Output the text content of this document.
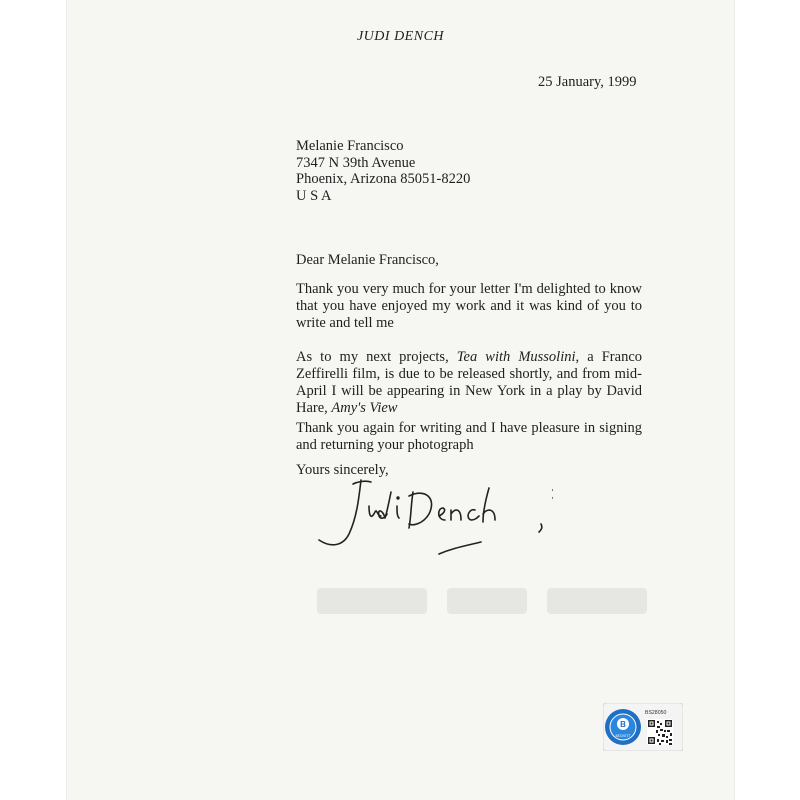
JUDI DENCH
25 January, 1999
Melanie Francisco
7347 N 39th Avenue
Phoenix, Arizona 85051-8220
U S A
Dear Melanie Francisco,
Thank you very much for your letter I'm delighted to know that you have enjoyed my work and it was kind of you to write and tell me
As to my next projects, Tea with Mussolini, a Franco Zeffirelli film, is due to be released shortly, and from mid-April I will be appearing in New York in a play by David Hare, Amy's View
Thank you again for writing and I have pleasure in signing and returning your photograph
Yours sincerely,
B
BECKETT
BS28050
